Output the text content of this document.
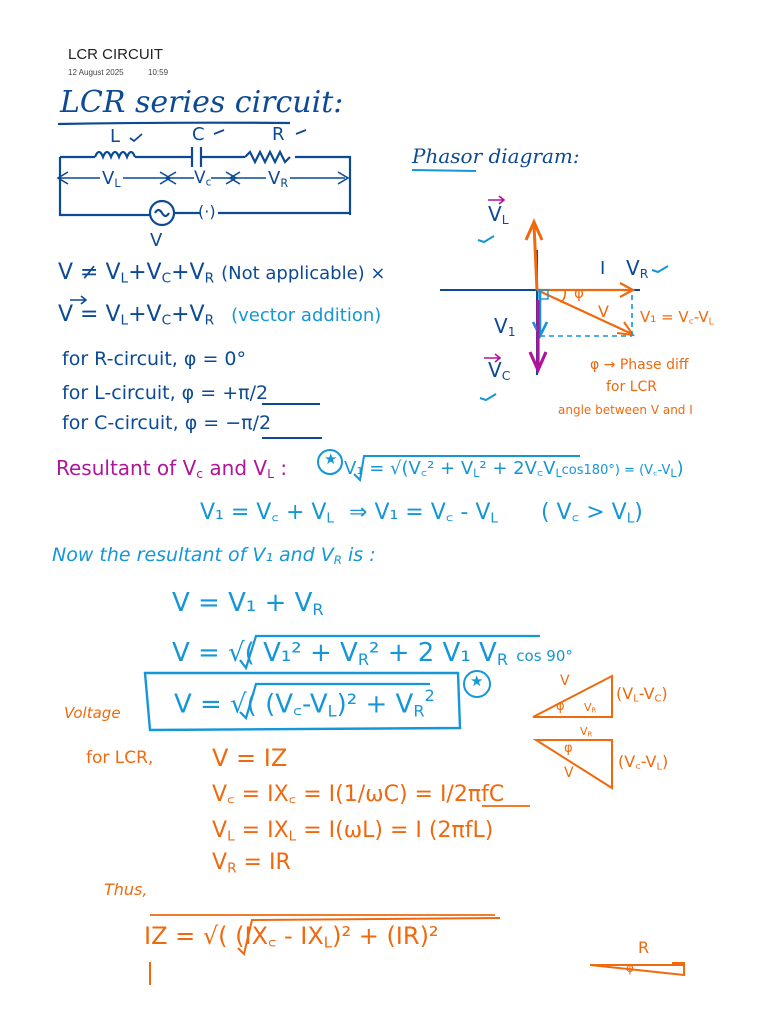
LCR CIRCUIT
12 August 2025	10:59
LCR series circuit:
L	C	R
$V_L$	$V_c$	$V_R$
V
(·)
Phasor diagram:
$V_L$
I $V_R$
$V_1$
$V_C$
φ
V $V_1 = V꜀-V_L$
φ → Phase diff
for LCR
angle between V and I
$V \ne V_L+V_C+V_R$ (Not applicable) ×
$V = V_L+V_C+V_R$ (vector addition)
for R-circuit, φ = 0°
for L-circuit, φ = +π/2
for C-circuit, φ = −π/2
Resultant of $V_c$ and $V_L$ : ★ V₁ = √(V꜀² + $V_L^2$ + $2V꜀V_L\cos 180^\circ$) = $(V꜀-V_L)$
V₁ = V꜀ + $V_L$ ⇒ V₁ = V꜀ - $V_L$ ( V꜀ > $V_L$)
Now the resultant of V₁ and $V_R$ is :
$V = V_1 + V_R$
V = √( $V_1^2 + V_R^2 + 2$ V₁ $V_R$ cos 90°
V = √( $(V꜀-V_L)^2 + V_R^2$
★
Voltage
V
φ $V_R$
$(V_L-V_C)$
$V_R$
φ
V
$(V꜀-V_L)$
for LCR, V = IZ
V꜀ = IX꜀ = I(1/ωC) = I/2πfC
$V_L = IX_L = I(\omega L) = I$ (2πfL)
$V_R$ = IR
Thus,
IZ = √( (IX꜀ - $IX_L)^2 + (IR)^2$	R
φ
